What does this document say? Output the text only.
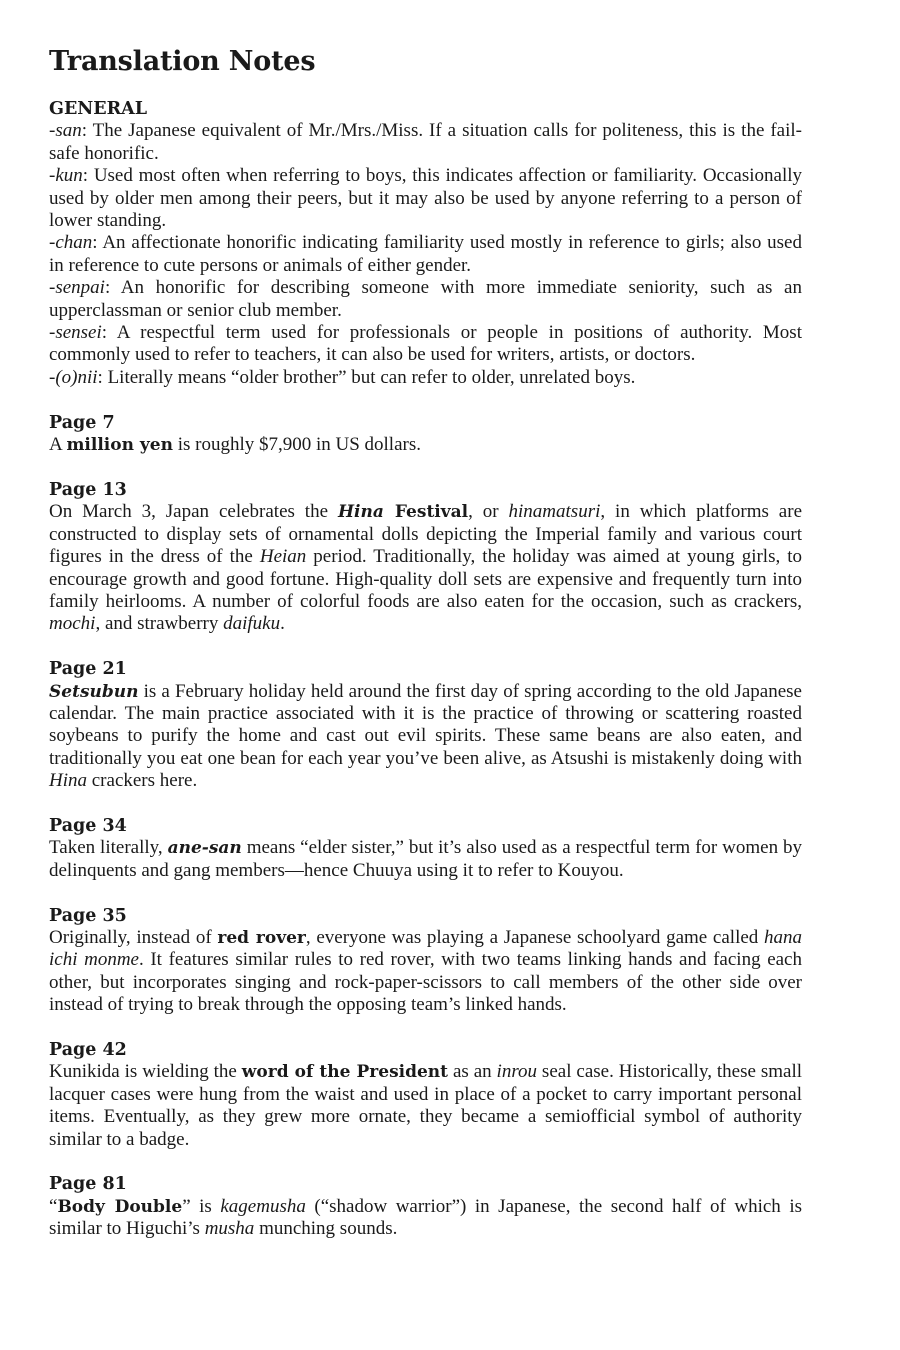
Translation Notes
GENERAL

-san: The Japanese equivalent of Mr./Mrs./Miss. If a situation calls for politeness, this is the fail-safe honorific.

-kun: Used most often when referring to boys, this indicates affection or familiarity. Occasionally used by older men among their peers, but it may also be used by anyone referring to a person of lower standing.

-chan: An affectionate honorific indicating familiarity used mostly in reference to girls; also used in reference to cute persons or animals of either gender.

-senpai: An honorific for describing someone with more immediate seniority, such as an upperclassman or senior club member.

-sensei: A respectful term used for professionals or people in positions of authority. Most commonly used to refer to teachers, it can also be used for writers, artists, or doctors.

-(o)nii: Literally means “older brother” but can refer to older, unrelated boys.

Page 7

A million yen is roughly $7,900 in US dollars.

Page 13

On March 3, Japan celebrates the Hina Festival, or hinamatsuri, in which platforms are constructed to display sets of ornamental dolls depicting the Imperial family and various court figures in the dress of the Heian period. Traditionally, the holiday was aimed at young girls, to encourage growth and good fortune. High-quality doll sets are expensive and frequently turn into family heirlooms. A number of colorful foods are also eaten for the occasion, such as crackers, mochi, and strawberry daifuku.

Page 21

Setsubun is a February holiday held around the first day of spring according to the old Japanese calendar. The main practice associated with it is the practice of throwing or scattering roasted soybeans to purify the home and cast out evil spirits. These same beans are also eaten, and traditionally you eat one bean for each year you’ve been alive, as Atsushi is mistakenly doing with Hina crackers here.

Page 34

Taken literally, ane-san means “elder sister,” but it’s also used as a respectful term for women by delinquents and gang members—hence Chuuya using it to refer to Kouyou.

Page 35

Originally, instead of red rover, everyone was playing a Japanese schoolyard game called hana ichi monme. It features similar rules to red rover, with two teams linking hands and facing each other, but incorporates singing and rock-paper-scissors to call members of the other side over instead of trying to break through the opposing team’s linked hands.

Page 42

Kunikida is wielding the word of the President as an inrou seal case. Historically, these small lacquer cases were hung from the waist and used in place of a pocket to carry important personal items. Eventually, as they grew more ornate, they became a semiofficial symbol of authority similar to a badge.

Page 81

“Body Double” is kagemusha (“shadow warrior”) in Japanese, the second half of which is similar to Higuchi’s musha munching sounds.
